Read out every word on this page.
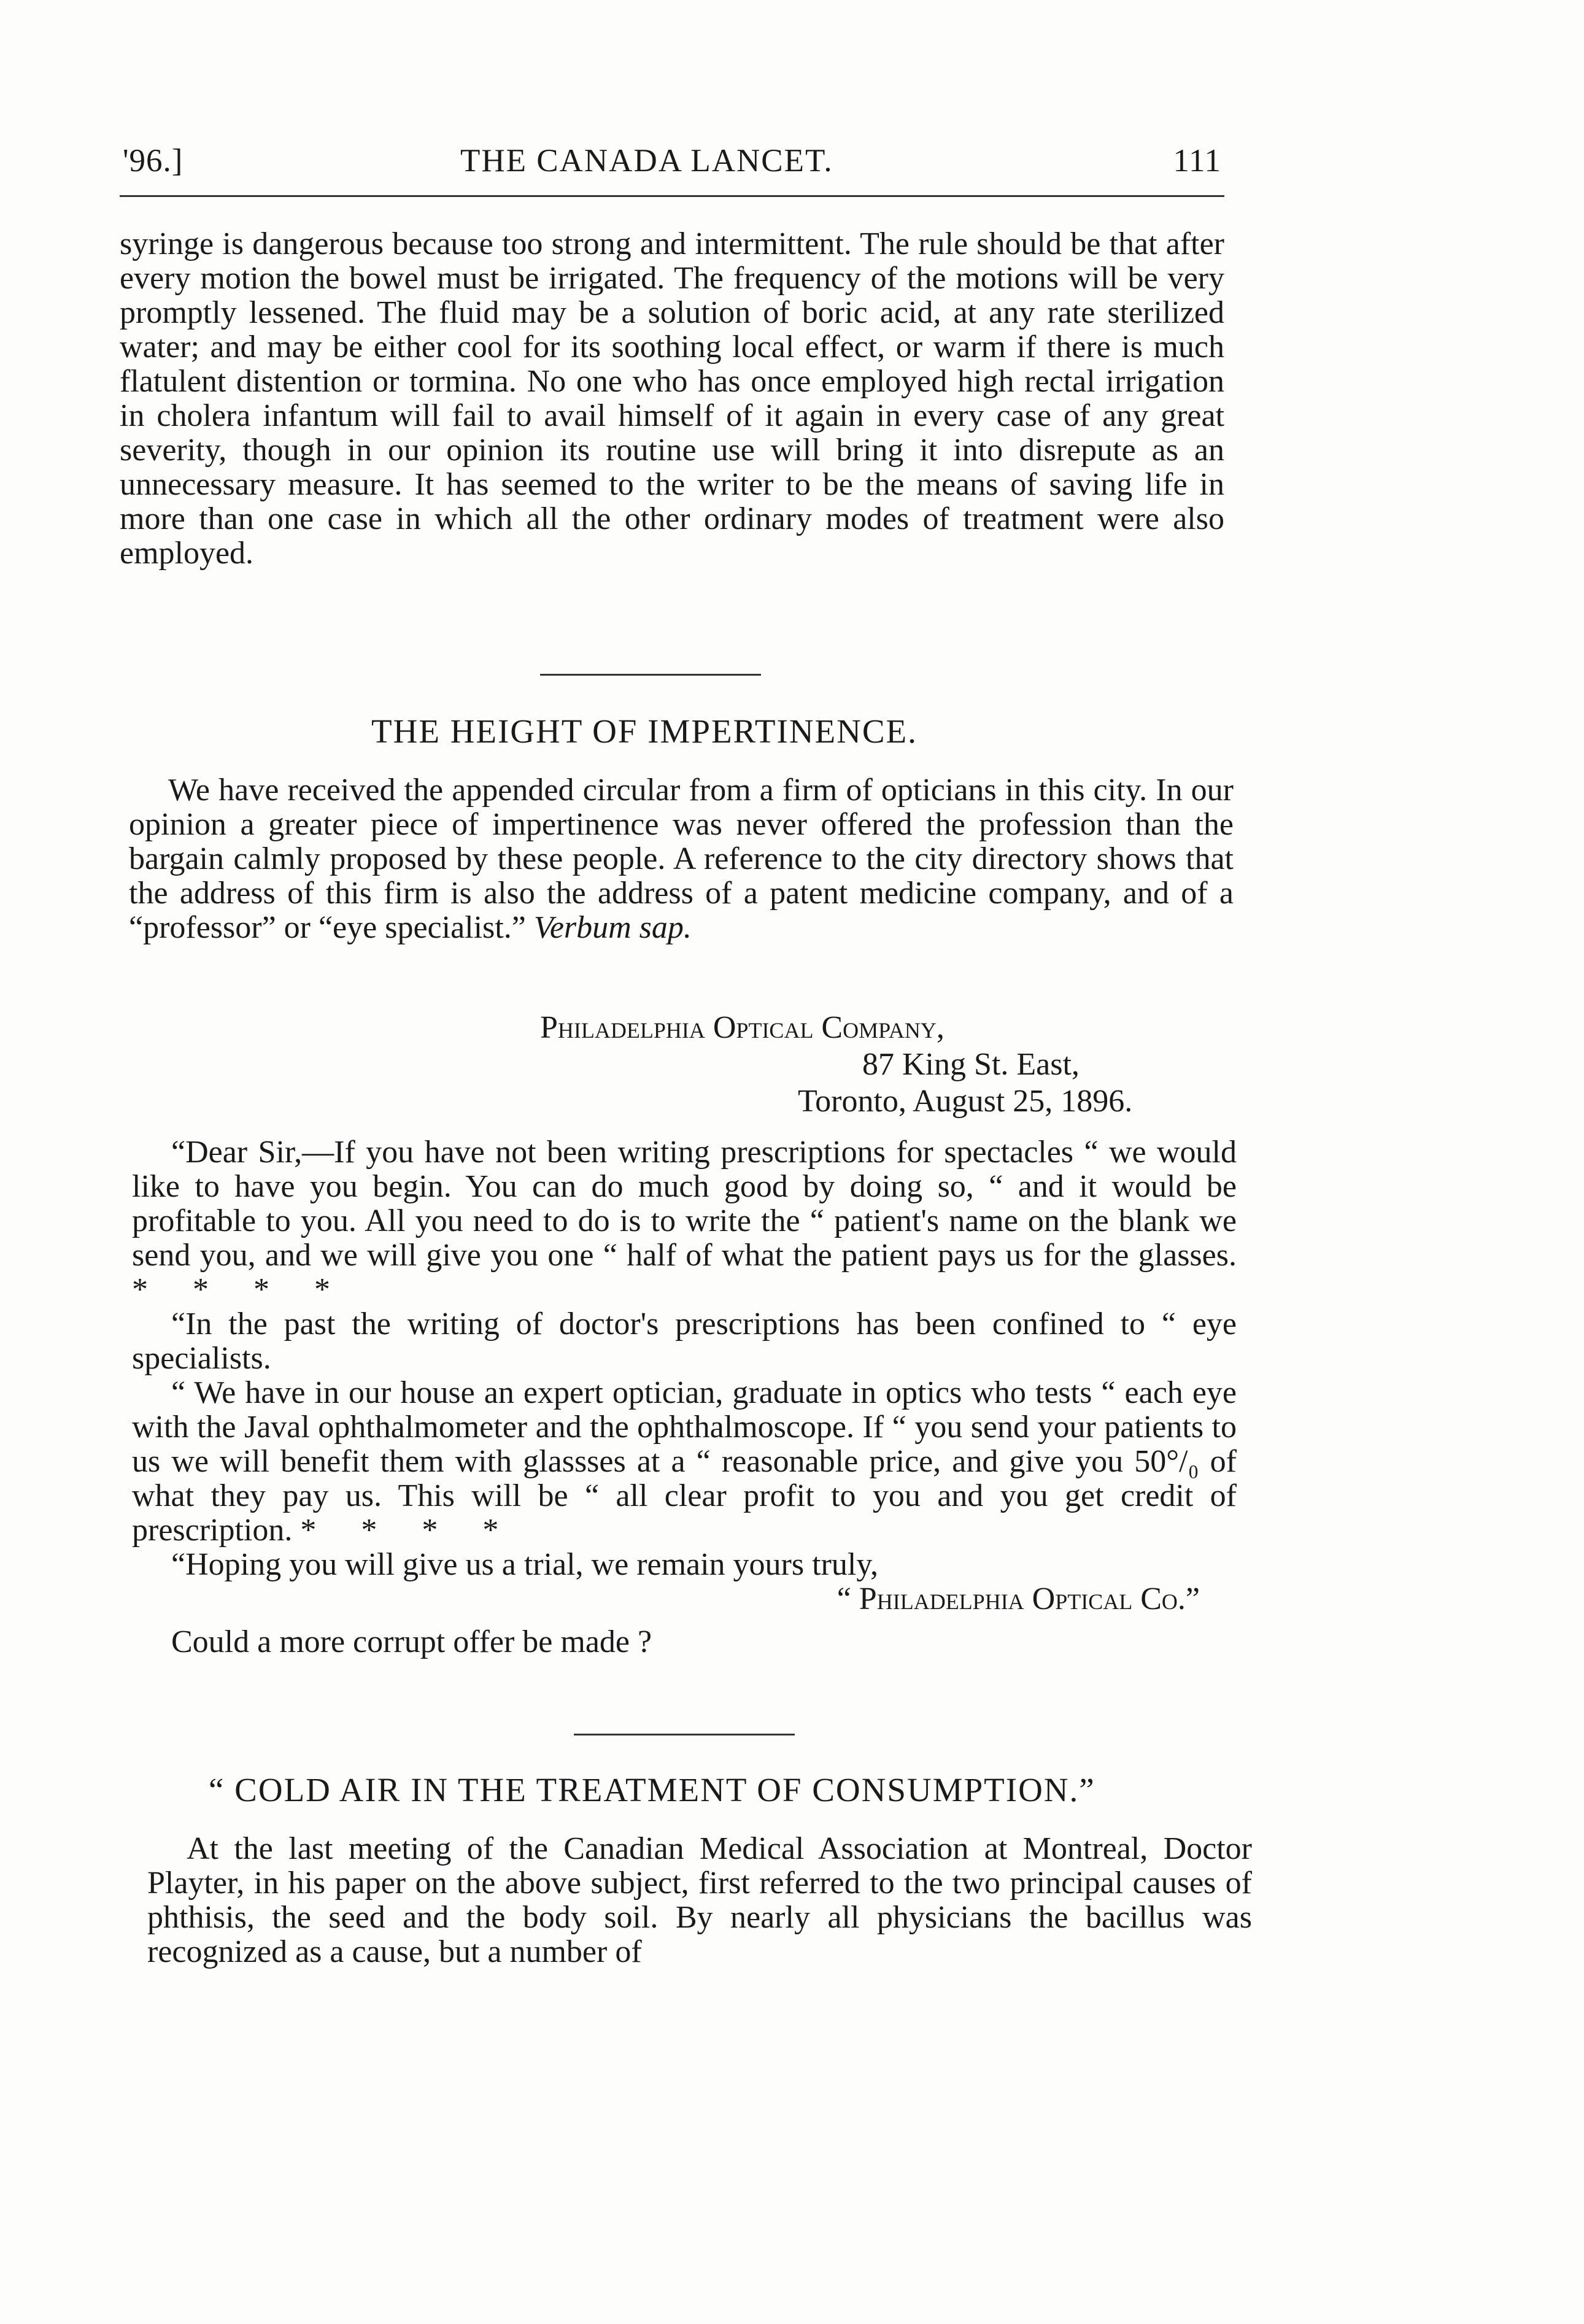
'96.]	THE CANADA LANCET.	111

syringe is dangerous because too strong and intermittent. The rule should be that after every motion the bowel must be irrigated. The frequency of the motions will be very promptly lessened. The fluid may be a solution of boric acid, at any rate sterilized water; and may be either cool for its soothing local effect, or warm if there is much flatulent distention or tormina. No one who has once employed high rectal irrigation in cholera infantum will fail to avail himself of it again in every case of any great severity, though in our opinion its routine use will bring it into disrepute as an unnecessary measure. It has seemed to the writer to be the means of saving life in more than one case in which all the other ordinary modes of treatment were also employed.

THE HEIGHT OF IMPERTINENCE.

We have received the appended circular from a firm of opticians in this city. In our opinion a greater piece of impertinence was never offered the profession than the bargain calmly proposed by these people. A reference to the city directory shows that the address of this firm is also the address of a patent medicine company, and of a “professor” or “eye specialist.” Verbum sap.

Philadelphia Optical Company,
87 King St. East,
Toronto, August 25, 1896.

“Dear Sir,—If you have not been writing prescriptions for spectacles “ we would like to have you begin. You can do much good by doing so, “ and it would be profitable to you. All you need to do is to write the “ patient's name on the blank we send you, and we will give you one “ half of what the patient pays us for the glasses. * * * *

“In the past the writing of doctor's prescriptions has been confined to “ eye specialists.

“ We have in our house an expert optician, graduate in optics who tests “ each eye with the Javal ophthalmometer and the ophthalmoscope. If “ you send your patients to us we will benefit them with glassses at a “ reasonable price, and give you 50°/₀ of what they pay us. This will be “ all clear profit to you and you get credit of prescription. * * * *

“Hoping you will give us a trial, we remain yours truly,

“ Philadelphia Optical Co.”

Could a more corrupt offer be made ?

“ COLD AIR IN THE TREATMENT OF CONSUMPTION.”

At the last meeting of the Canadian Medical Association at Montreal, Doctor Playter, in his paper on the above subject, first referred to the two principal causes of phthisis, the seed and the body soil. By nearly all physicians the bacillus was recognized as a cause, but a number of
